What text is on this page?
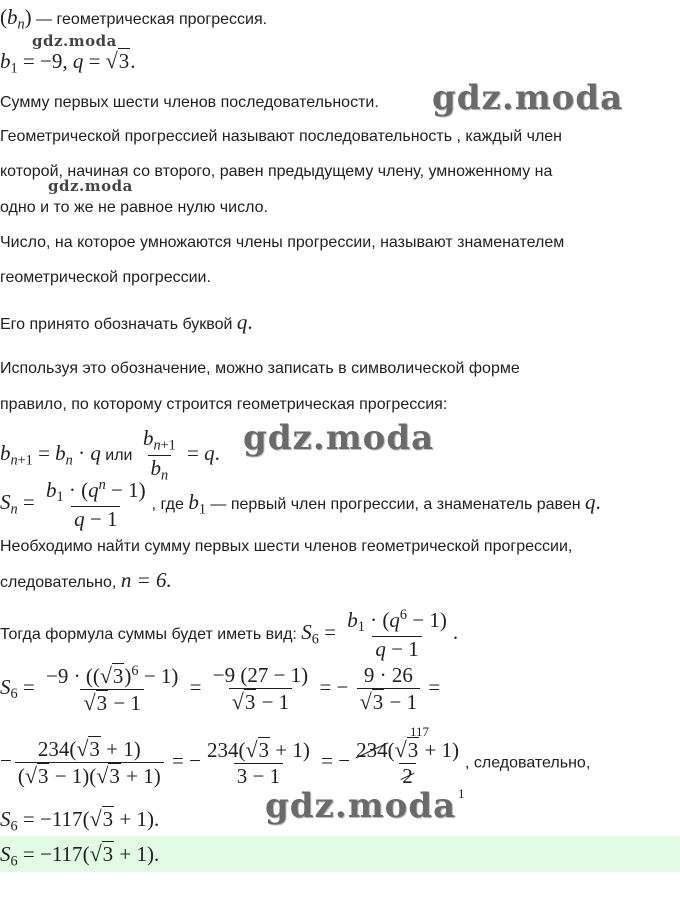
$(b_n)$ — геометрическая прогрессия.
gdz.moda
$b_1 = -9$, q = √3.
Сумму первых шести членов последовательности. gdz.moda
Геометрической прогрессией называют последовательность , каждый член
которой, начиная со второго, равен предыдущему члену, умноженному на
gdz.moda
одно и то же не равное нулю число.
Число, на которое умножаются члены прогрессии, называют знаменателем
геометрической прогрессии.
Его принято обозначать буквой q.
Используя это обозначение, можно записать в символической форме
правило, по которому строится геометрическая прогрессия:
$b_{n+1} = b_n \cdot q$ или $\frac{b_{n+1}}{b_n} = q$. gdz.moda
$S_n = \frac{b_1 \cdot (q^n - 1)}{q - 1}$ , где $b_1$ — первый член прогрессии, а знаменатель равен q.
Необходимо найти сумму первых шести членов геометрической прогрессии,
следовательно, n = 6.
Тогда формула суммы будет иметь вид: $S_6 = \frac{b_1 \cdot (q^6 - 1)}{q - 1}$ .
$S_6 = \frac{-9 \cdot ((√3)^6 - 1)}{√3 - 1} = \frac{-9 (27 - 1)}{√3 - 1}$ = − $\frac{9 \cdot 26}{√3 - 1}$ =
− $\frac{234(√3 + 1)}{(√3 - 1)(√3 + 1)}$ = − $\frac{234(√3 + 1)}{3 - 1}$ = − $\frac{234(√3 + 1)}{2}$ , следовательно,
117
1
$S_6 = -117(√3 + 1)$.	gdz.moda
$S_6 = -117(√3 + 1)$.
